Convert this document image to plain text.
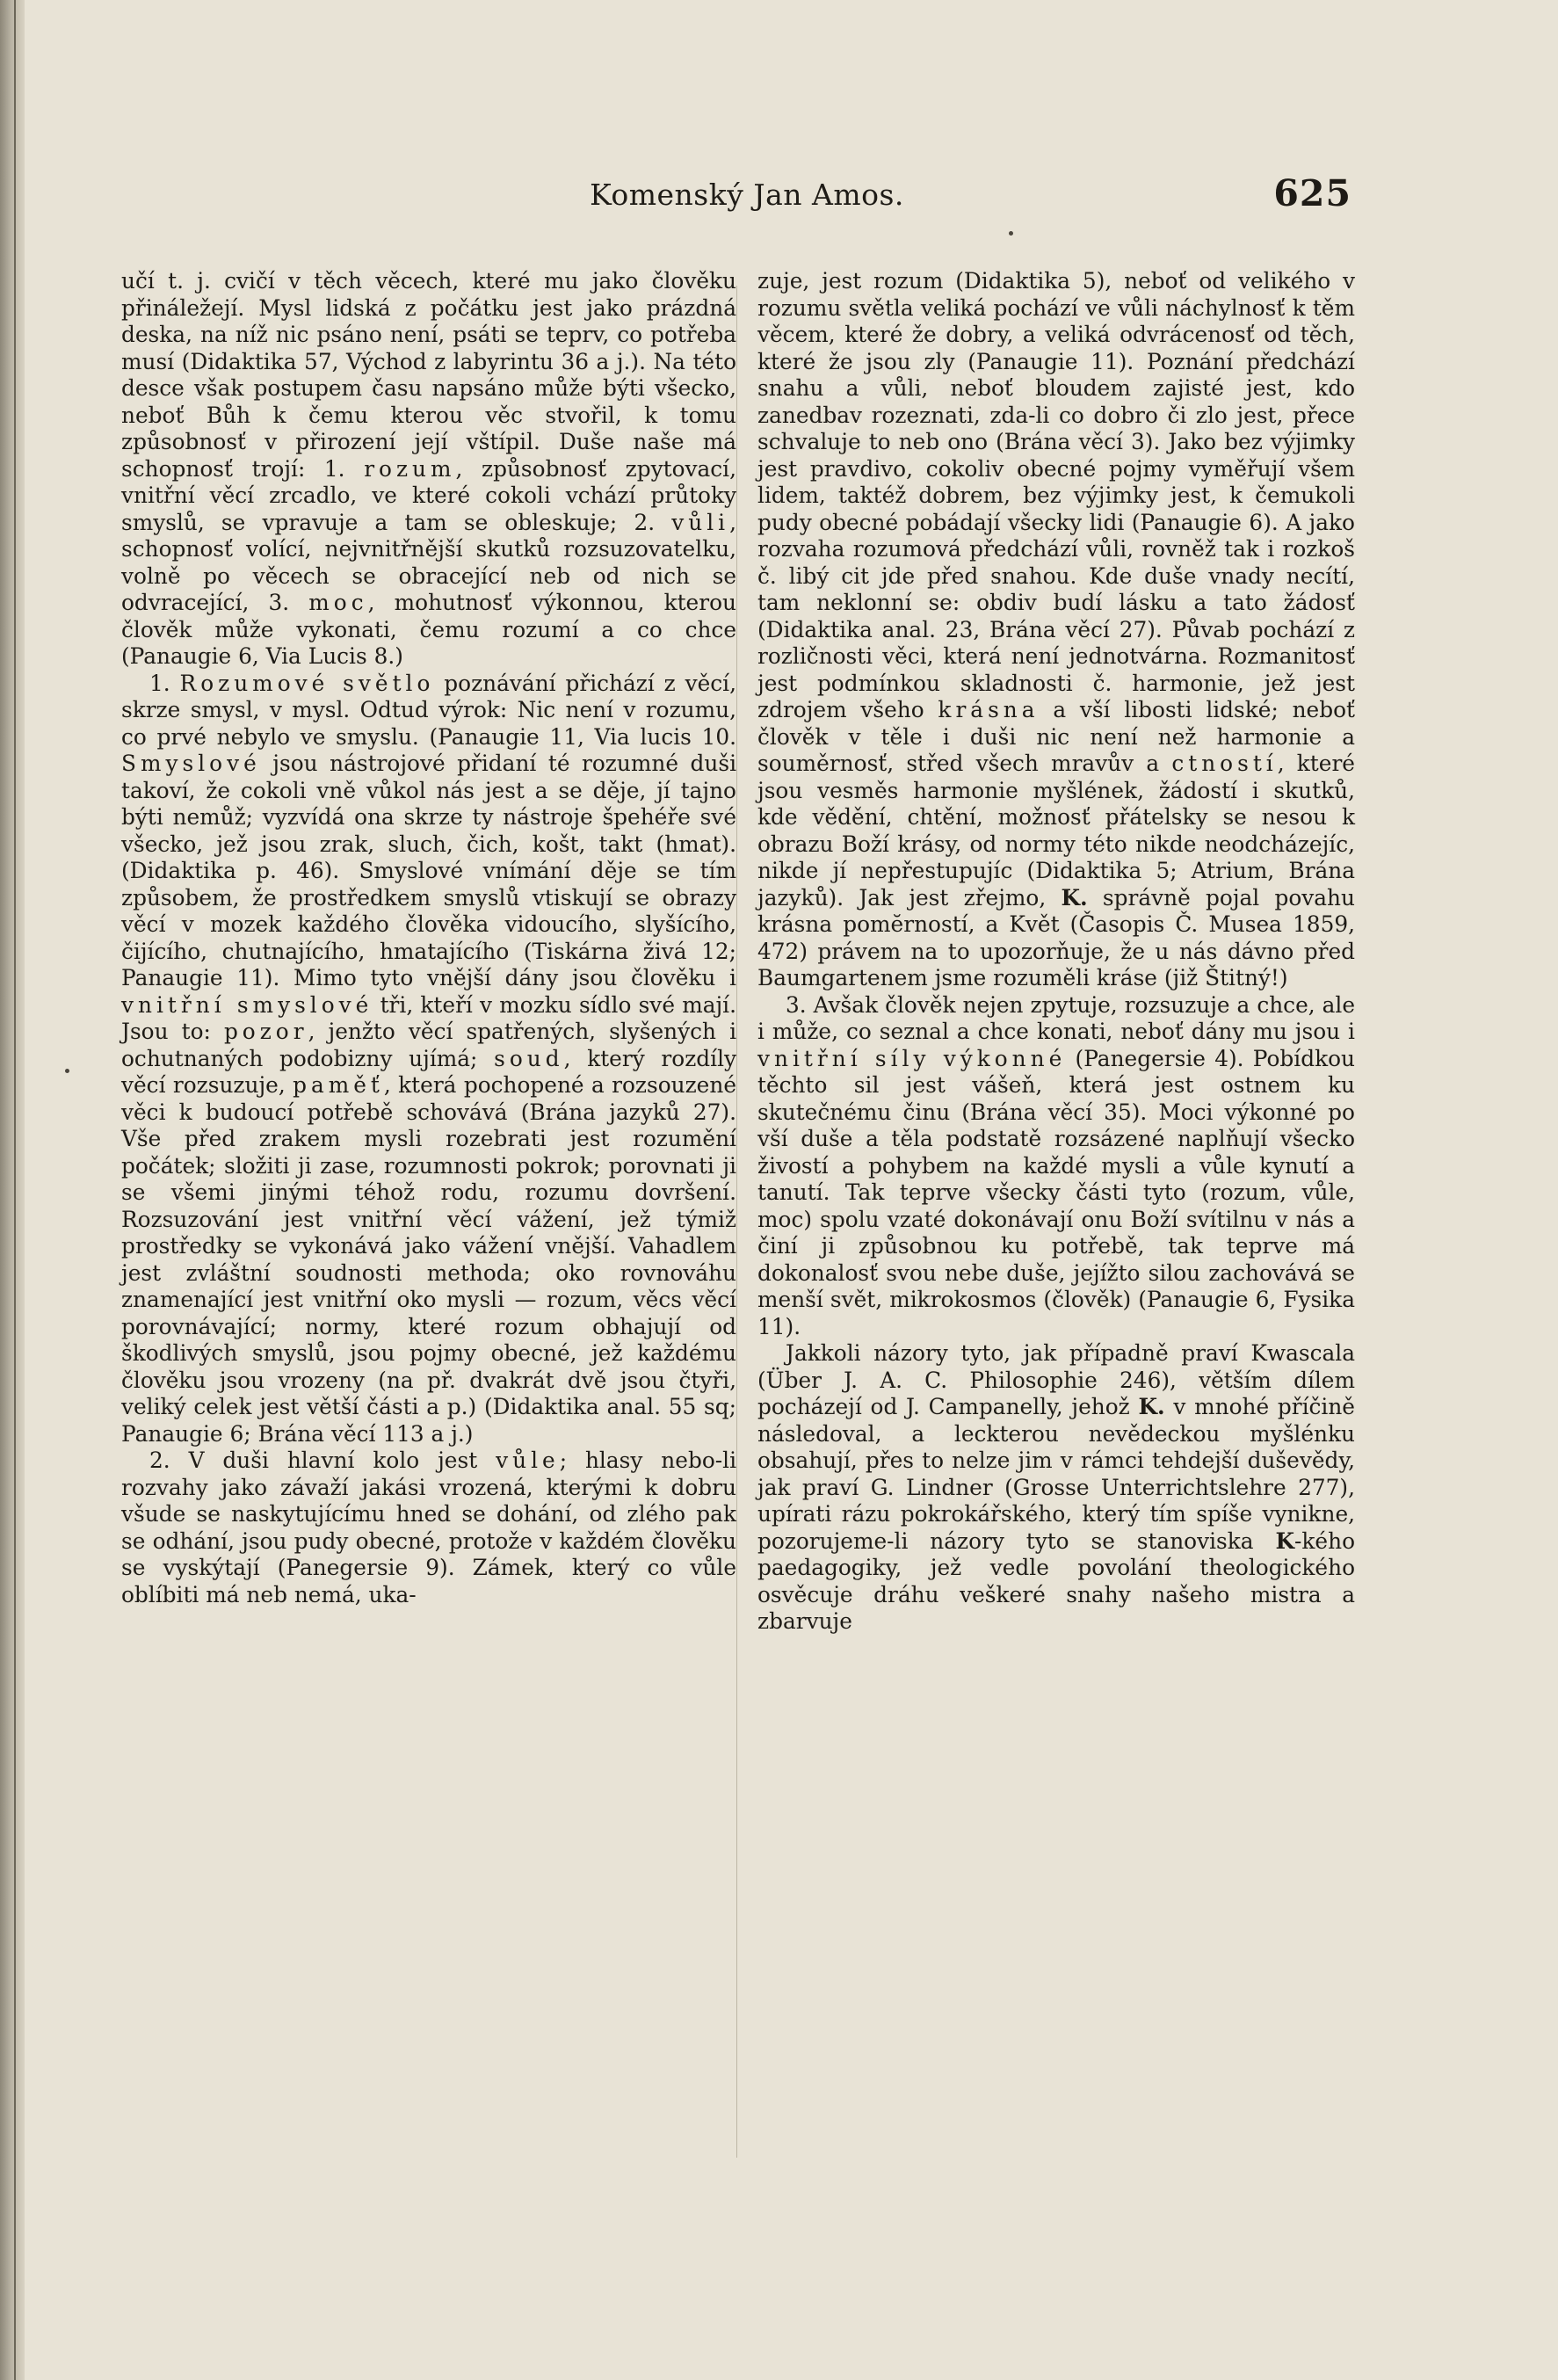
Komenský Jan Amos.	625

učí t. j. cvičí v těch věcech, které mu jako člověku přináležejí. Mysl lidská z počátku jest jako prázdná deska, na níž nic psáno není, psáti se teprv, co potřeba musí (Didaktika 57, Východ z labyrintu 36 a j.). Na této desce však postupem času napsáno může býti všecko, neboť Bůh k čemu kterou věc stvořil, k tomu způsobnosť v přirození její vštípil. Duše naše má schopnosť trojí: 1. rozum, způsobnosť zpytovací, vnitřní věcí zrcadlo, ve které cokoli vchází průtoky smyslů, se vpravuje a tam se obleskuje; 2. vůli, schopnosť volící, nejvnitřnější skutků rozsuzovatelku, volně po věcech se obracející neb od nich se odvracející, 3. moc, mohutnosť výkonnou, kterou člověk může vykonati, čemu rozumí a co chce (Panaugie 6, Via Lucis 8.)

1. Rozumové světlo poznávání přichází z věcí, skrze smysl, v mysl. Odtud výrok: Nic není v rozumu, co prvé nebylo ve smyslu. (Panaugie 11, Via lucis 10. Smyslové jsou nástrojové přidaní té rozumné duši takoví, že cokoli vně vůkol nás jest a se děje, jí tajno býti nemůž; vyzvídá ona skrze ty nástroje špehéře své všecko, jež jsou zrak, sluch, čich, košt, takt (hmat). (Didaktika p. 46). Smyslové vnímání děje se tím způsobem, že prostředkem smyslů vtiskují se obrazy věcí v mozek každého člověka vidoucího, slyšícího, čijícího, chutnajícího, hmatajícího (Tiskárna živá 12; Panaugie 11). Mimo tyto vnější dány jsou člověku i vnitřní smyslové tři, kteří v mozku sídlo své mají. Jsou to: pozor, jenžto věcí spatřených, slyšených i ochutnaných podobizny ujímá; soud, který rozdíly věcí rozsuzuje, paměť, která pochopené a rozsouzené věci k budoucí potřebě schovává (Brána jazyků 27). Vše před zrakem mysli rozebrati jest rozumění počátek; složiti ji zase, rozumnosti pokrok; porovnati ji se všemi jinými téhož rodu, rozumu dovršení. Rozsuzování jest vnitřní věcí vážení, jež týmiž prostředky se vykonává jako vážení vnější. Vahadlem jest zvláštní soudnosti methoda; oko rovnováhu znamenající jest vnitřní oko mysli — rozum, věcs věcí porovnávající; normy, které rozum obhajují od škodlivých smyslů, jsou pojmy obecné, jež každému člověku jsou vrozeny (na př. dvakrát dvě jsou čtyři, veliký celek jest větší části a p.) (Didaktika anal. 55 sq; Panaugie 6; Brána věcí 113 a j.)

2. V duši hlavní kolo jest vůle; hlasy nebo-li rozvahy jako závaží jakási vrozená, kterými k dobru všude se naskytujícímu hned se dohání, od zlého pak se odhání, jsou pudy obecné, protože v každém člověku se vyskýtají (Panegersie 9). Zámek, který co vůle oblíbiti má neb nemá, uka-

zuje, jest rozum (Didaktika 5), neboť od velikého v rozumu světla veliká pochází ve vůli náchylnosť k těm věcem, které že dobry, a veliká odvrácenosť od těch, které že jsou zly (Panaugie 11). Poznání předchází snahu a vůli, neboť bloudem zajisté jest, kdo zanedbav rozeznati, zda-li co dobro či zlo jest, přece schvaluje to neb ono (Brána věcí 3). Jako bez výjimky jest pravdivo, cokoliv obecné pojmy vyměřují všem lidem, taktéž dobrem, bez výjimky jest, k čemukoli pudy obecné pobádají všecky lidi (Panaugie 6). A jako rozvaha rozumová předchází vůli, rovněž tak i rozkoš č. libý cit jde před snahou. Kde duše vnady necítí, tam neklonní se: obdiv budí lásku a tato žádosť (Didaktika anal. 23, Brána věcí 27). Půvab pochází z rozličnosti věci, která není jednotvárna. Rozmanitosť jest podmínkou skladnosti č. harmonie, jež jest zdrojem všeho krásna a vší libosti lidské; neboť člověk v těle i duši nic není než harmonie a souměrnosť, střed všech mravův a ctností, které jsou vesměs harmonie myšlének, žádostí i skutků, kde vědění, chtění, možnosť přátelsky se nesou k obrazu Boží krásy, od normy této nikde neodcházejíc, nikde jí nepřestupujíc (Didaktika 5; Atrium, Brána jazyků). Jak jest zřejmo, K. správně pojal povahu krásna pomĕrností, a Květ (Časopis Č. Musea 1859, 472) právem na to upozorňuje, že u nás dávno před Baumgartenem jsme rozuměli kráse (již Štitný!)

3. Avšak člověk nejen zpytuje, rozsuzuje a chce, ale i může, co seznal a chce konati, neboť dány mu jsou i vnitřní síly výkonné (Panegersie 4). Pobídkou těchto sil jest vášeň, která jest ostnem ku skutečnému činu (Brána věcí 35). Moci výkonné po vší duše a těla podstatě rozsázené naplňují všecko živostí a pohybem na každé mysli a vůle kynutí a tanutí. Tak teprve všecky části tyto (rozum, vůle, moc) spolu vzaté dokonávají onu Boží svítilnu v nás a činí ji způsobnou ku potřebě, tak teprve má dokonalosť svou nebe duše, jejížto silou zachovává se menší svět, mikrokosmos (člověk) (Panaugie 6, Fysika 11).

Jakkoli názory tyto, jak případně praví Kwascala (Über J. A. C. Philosophie 246), větším dílem pocházejí od J. Campanelly, jehož K. v mnohé příčině následoval, a leckterou nevědeckou myšlénku obsahují, přes to nelze jim v rámci tehdejší duševědy, jak praví G. Lindner (Grosse Unterrichtslehre 277), upírati rázu pokrokářského, který tím spíše vynikne, pozorujeme-li názory tyto se stanoviska K-kého paedagogiky, jež vedle povolání theologického osvěcuje dráhu veškeré snahy našeho mistra a zbarvuje
